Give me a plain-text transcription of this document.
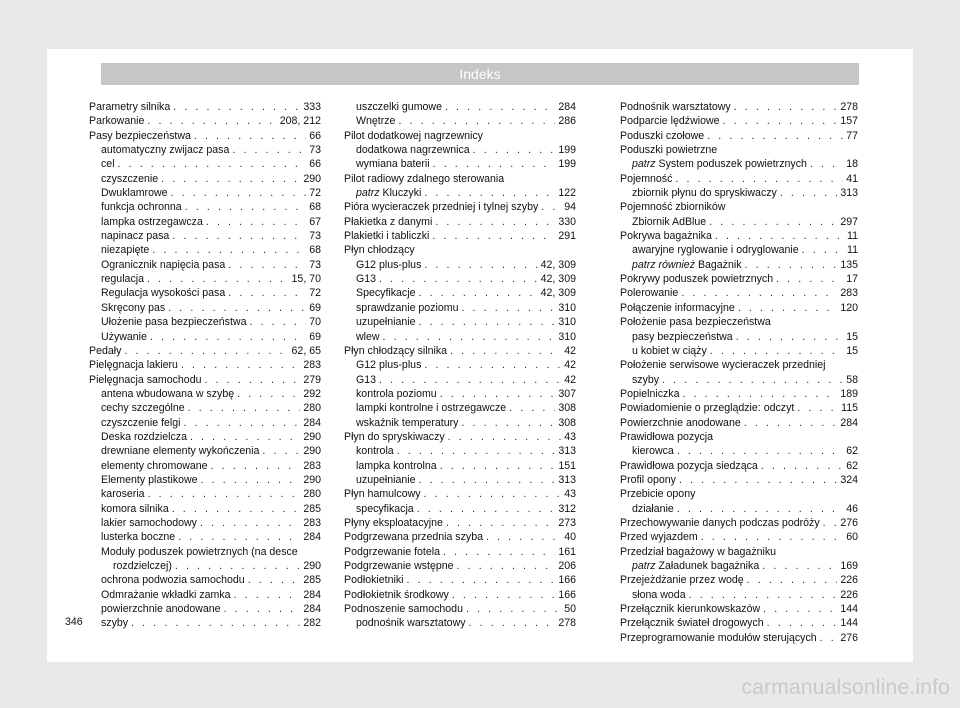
Indeks
Parametry silnika . . .	333
Parkowanie . . .	208, 212
Pasy bezpieczeństwa . . .	66
automatyczny zwijacz pasa . . .	73
cel . . .	66
czyszczenie . . .	290
Dwuklamrowe . . .	72
funkcja ochronna . . .	68
lampka ostrzegawcza . . .	67
napinacz pasa . . .	73
niezapięte . . .	68
Ogranicznik napięcia pasa . . .	73
regulacja . . .	15, 70
Regulacja wysokości pasa . . .	72
Skręcony pas . . .	69
Ułożenie pasa bezpieczeństwa . . .	70
Używanie . . .	69
Pedały . . .	62, 65
Pielęgnacja lakieru . . .	283
Pielęgnacja samochodu . . .	279
antena wbudowana w szybę . . .	292
cechy szczególne . . .	280
czyszczenie felgi . . .	284
Deska rozdzielcza . . .	290
drewniane elementy wykończenia . . .	290
elementy chromowane . . .	283
Elementy plastikowe . . .	290
karoseria . . .	280
komora silnika . . .	285
lakier samochodowy . . .	283
lusterka boczne . . .	284
Moduły poduszek powietrznych (na desce
rozdzielczej) . . .	290
ochrona podwozia samochodu . . .	285
Odmrażanie wkładki zamka . . .	284
powierzchnie anodowane . . .	284
szyby . . .	282
uszczelki gumowe . . .	284
Wnętrze . . .	286
Pilot dodatkowej nagrzewnicy
dodatkowa nagrzewnica . . .	199
wymiana baterii . . .	199
Pilot radiowy zdalnego sterowania
patrz Kluczyki . . .	122
Pióra wycieraczek przedniej i tylnej szyby . . . 94
Płakietka z danymi . . .	330
Plakietki i tabliczki . . .	291
Płyn chłodzący
G12 plus-plus . . .	42, 309
G13 . . .	42, 309
Specyfikacje . . .	42, 309
sprawdzanie poziomu . . .	310
uzupełnianie . . .	310
wlew . . .	310
Płyn chłodzący silnika . . .	42
G12 plus-plus . . .	42
G13 . . .	42
kontrola poziomu . . .	307
lampki kontrolne i ostrzegawcze . . .	308
wskaźnik temperatury . . .	308
Płyn do spryskiwaczy . . .	43
kontrola . . .	313
lampka kontrolna . . .	151
uzupełnianie . . .	313
Płyn hamulcowy . . .	43
specyfikacja . . .	312
Płyny eksploatacyjne . . .	273
Podgrzewana przednia szyba . . .	40
Podgrzewanie fotela . . .	161
Podgrzewanie wstępne . . .	206
Podłokietniki . . .	166
Podłokietnik środkowy . . .	166
Podnoszenie samochodu . . .	50
podnośnik warsztatowy . . .	278
Podnośnik warsztatowy . . .	278
Podparcie lędźwiowe . . .	157
Poduszki czołowe . . .	77
Poduszki powietrzne
patrz System poduszek powietrznych . . .	18
Pojemność . . .	41
zbiornik płynu do spryskiwaczy . . .	313
Pojemność zbiorników
Zbiornik AdBlue . . .	297
Pokrywa bagażnika . . .	11
awaryjne ryglowanie i odryglowanie . . .	11
patrz również Bagażnik . . .	135
Pokrywy poduszek powietrznych . . .	17
Polerowanie . . .	283
Połączenie informacyjne . . .	120
Położenie pasa bezpieczeństwa
pasy bezpieczeństwa . . .	15
u kobiet w ciąży . . .	15
Położenie serwisowe wycieraczek przedniej
szyby . . .	58
Popielniczka . . .	189
Powiadomienie o przeglądzie: odczyt . . .	115
Powierzchnie anodowane . . .	284
Prawidłowa pozycja
kierowca . . .	62
Prawidłowa pozycja siedząca . . .	62
Profil opony . . .	324
Przebicie opony
działanie . . .	46
Przechowywanie danych podczas podróży . . . 276
Przed wyjazdem . . .	60
Przedział bagażowy w bagażniku
patrz Załadunek bagażnika . . .	169
Przejeżdżanie przez wodę . . .	226
słona woda . . .	226
Przełącznik kierunkowskazów . . .	144
Przełącznik świateł drogowych . . .	144
Przeprogramowanie modułów sterujących . . . 276
346
carmanualsonline.info
